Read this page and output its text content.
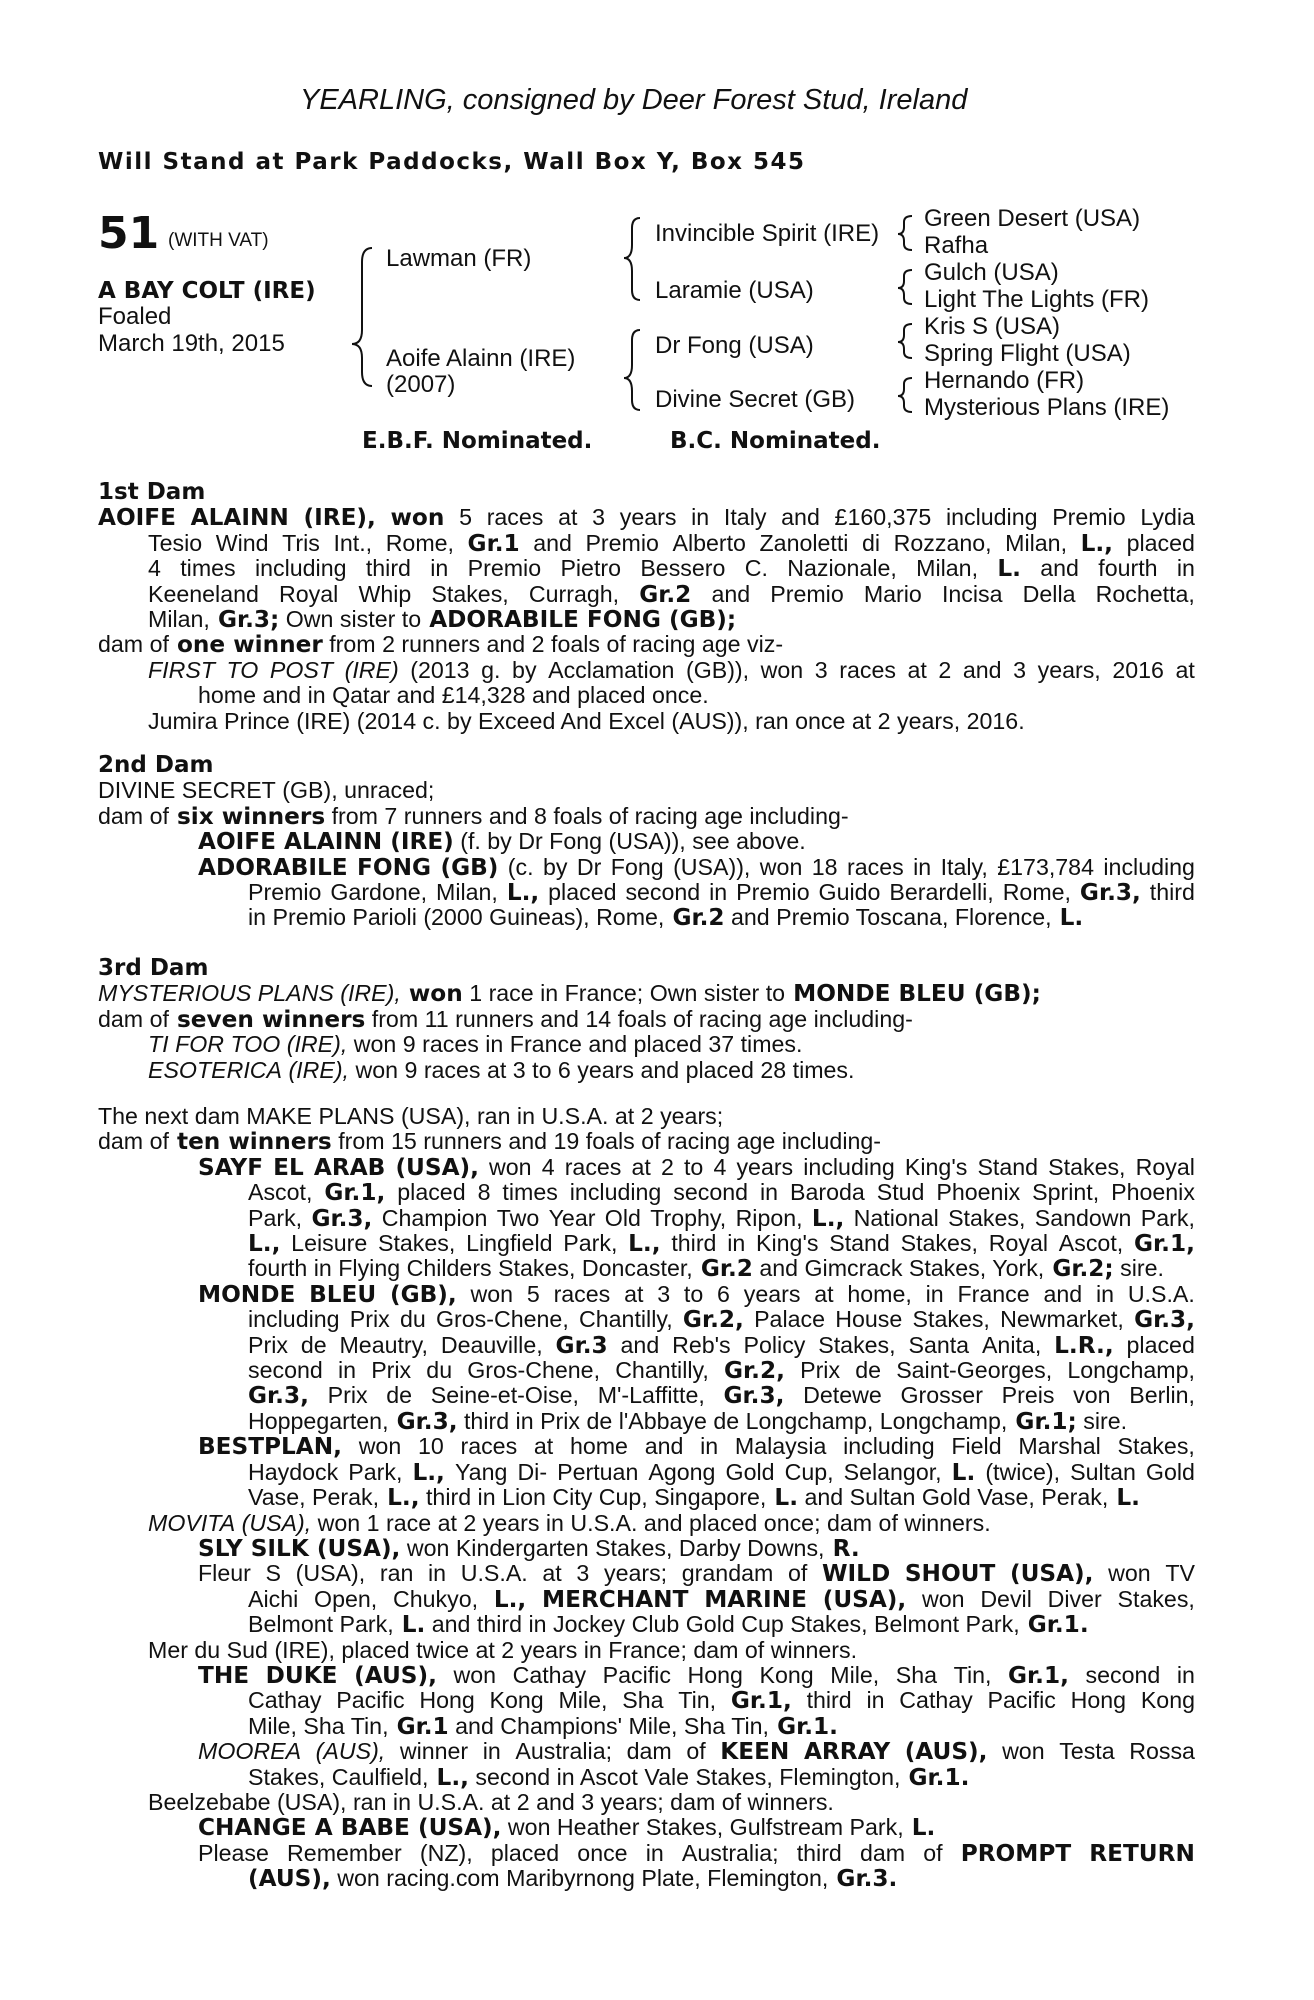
YEARLING, consigned by Deer Forest Stud, Ireland
Will Stand at Park Paddocks, Wall Box Y, Box 545
51 (WITH VAT)
A BAY COLT (IRE)
Foaled
March 19th, 2015
Lawman (FR)
Aoife Alainn (IRE)
(2007)
Invincible Spirit (IRE)
Laramie (USA)
Dr Fong (USA)
Divine Secret (GB)
Green Desert (USA)
Rafha
Gulch (USA)
Light The Lights (FR)
Kris S (USA)
Spring Flight (USA)
Hernando (FR)
Mysterious Plans (IRE)
E.B.F. Nominated.	B.C. Nominated.
1st Dam
AOIFE ALAINN (IRE), won 5 races at 3 years in Italy and £160,375 including Premio Lydia
Tesio Wind Tris Int., Rome, Gr.1 and Premio Alberto Zanoletti di Rozzano, Milan, L., placed
4 times including third in Premio Pietro Bessero C. Nazionale, Milan, L. and fourth in
Keeneland Royal Whip Stakes, Curragh, Gr.2 and Premio Mario Incisa Della Rochetta,
Milan, Gr.3; Own sister to ADORABILE FONG (GB);
dam of one winner from 2 runners and 2 foals of racing age viz-
FIRST TO POST (IRE) (2013 g. by Acclamation (GB)), won 3 races at 2 and 3 years, 2016 at
home and in Qatar and £14,328 and placed once.
Jumira Prince (IRE) (2014 c. by Exceed And Excel (AUS)), ran once at 2 years, 2016.
2nd Dam
DIVINE SECRET (GB), unraced;
dam of six winners from 7 runners and 8 foals of racing age including-
AOIFE ALAINN (IRE) (f. by Dr Fong (USA)), see above.
ADORABILE FONG (GB) (c. by Dr Fong (USA)), won 18 races in Italy, £173,784 including
Premio Gardone, Milan, L., placed second in Premio Guido Berardelli, Rome, Gr.3, third
in Premio Parioli (2000 Guineas), Rome, Gr.2 and Premio Toscana, Florence, L.
3rd Dam
MYSTERIOUS PLANS (IRE), won 1 race in France; Own sister to MONDE BLEU (GB);
dam of seven winners from 11 runners and 14 foals of racing age including-
TI FOR TOO (IRE), won 9 races in France and placed 37 times.
ESOTERICA (IRE), won 9 races at 3 to 6 years and placed 28 times.
The next dam MAKE PLANS (USA), ran in U.S.A. at 2 years;
dam of ten winners from 15 runners and 19 foals of racing age including-
SAYF EL ARAB (USA), won 4 races at 2 to 4 years including King's Stand Stakes, Royal
Ascot, Gr.1, placed 8 times including second in Baroda Stud Phoenix Sprint, Phoenix
Park, Gr.3, Champion Two Year Old Trophy, Ripon, L., National Stakes, Sandown Park,
L., Leisure Stakes, Lingfield Park, L., third in King's Stand Stakes, Royal Ascot, Gr.1,
fourth in Flying Childers Stakes, Doncaster, Gr.2 and Gimcrack Stakes, York, Gr.2; sire.
MONDE BLEU (GB), won 5 races at 3 to 6 years at home, in France and in U.S.A.
including Prix du Gros-Chene, Chantilly, Gr.2, Palace House Stakes, Newmarket, Gr.3,
Prix de Meautry, Deauville, Gr.3 and Reb's Policy Stakes, Santa Anita, L.R., placed
second in Prix du Gros-Chene, Chantilly, Gr.2, Prix de Saint-Georges, Longchamp,
Gr.3, Prix de Seine-et-Oise, M'-Laffitte, Gr.3, Detewe Grosser Preis von Berlin,
Hoppegarten, Gr.3, third in Prix de l'Abbaye de Longchamp, Longchamp, Gr.1; sire.
BESTPLAN, won 10 races at home and in Malaysia including Field Marshal Stakes,
Haydock Park, L., Yang Di- Pertuan Agong Gold Cup, Selangor, L. (twice), Sultan Gold
Vase, Perak, L., third in Lion City Cup, Singapore, L. and Sultan Gold Vase, Perak, L.
MOVITA (USA), won 1 race at 2 years in U.S.A. and placed once; dam of winners.
SLY SILK (USA), won Kindergarten Stakes, Darby Downs, R.
Fleur S (USA), ran in U.S.A. at 3 years; grandam of WILD SHOUT (USA), won TV
Aichi Open, Chukyo, L., MERCHANT MARINE (USA), won Devil Diver Stakes,
Belmont Park, L. and third in Jockey Club Gold Cup Stakes, Belmont Park, Gr.1.
Mer du Sud (IRE), placed twice at 2 years in France; dam of winners.
THE DUKE (AUS), won Cathay Pacific Hong Kong Mile, Sha Tin, Gr.1, second in
Cathay Pacific Hong Kong Mile, Sha Tin, Gr.1, third in Cathay Pacific Hong Kong
Mile, Sha Tin, Gr.1 and Champions' Mile, Sha Tin, Gr.1.
MOOREA (AUS), winner in Australia; dam of KEEN ARRAY (AUS), won Testa Rossa
Stakes, Caulfield, L., second in Ascot Vale Stakes, Flemington, Gr.1.
Beelzebabe (USA), ran in U.S.A. at 2 and 3 years; dam of winners.
CHANGE A BABE (USA), won Heather Stakes, Gulfstream Park, L.
Please Remember (NZ), placed once in Australia; third dam of PROMPT RETURN
(AUS), won racing.com Maribyrnong Plate, Flemington, Gr.3.
